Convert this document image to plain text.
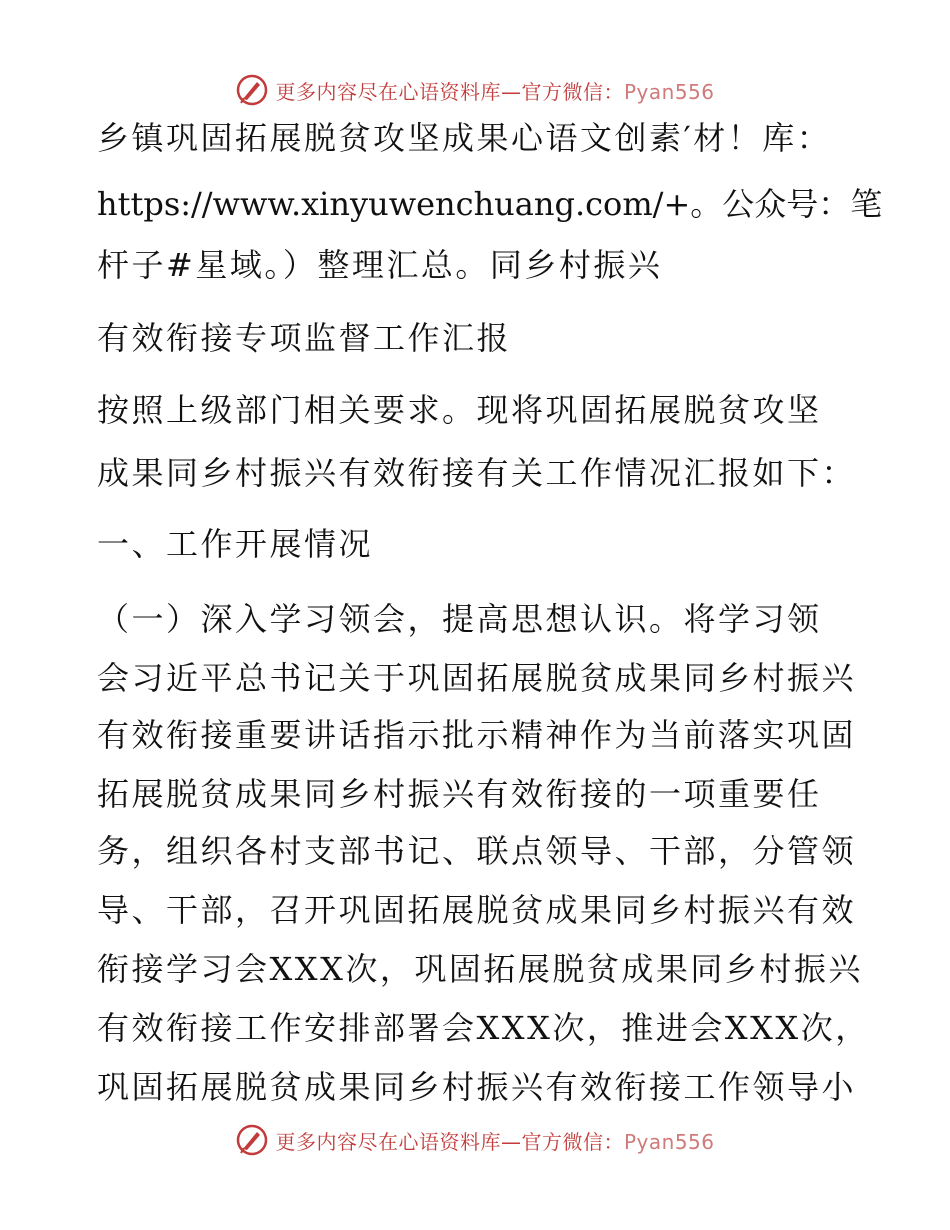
更多内容尽在心语资料库—官方微信：Pyan556
乡镇巩固拓展脱贫攻坚成果心语文创素′材！库：
https://www.xinyuwenchuang.com/+。公众号：笔
杆子#星域。）整理汇总。同乡村振兴
有效衔接专项监督工作汇报
按照上级部门相关要求。现将巩固拓展脱贫攻坚
成果同乡村振兴有效衔接有关工作情况汇报如下：
一、工作开展情况
（一）深入学习领会，提高思想认识。将学习领
会习近平总书记关于巩固拓展脱贫成果同乡村振兴
有效衔接重要讲话指示批示精神作为当前落实巩固
拓展脱贫成果同乡村振兴有效衔接的一项重要任
务，组织各村支部书记、联点领导、干部，分管领
导、干部，召开巩固拓展脱贫成果同乡村振兴有效
衔接学习会XXX次，巩固拓展脱贫成果同乡村振兴
有效衔接工作安排部署会XXX次，推进会XXX次，
巩固拓展脱贫成果同乡村振兴有效衔接工作领导小
更多内容尽在心语资料库—官方微信：Pyan556
